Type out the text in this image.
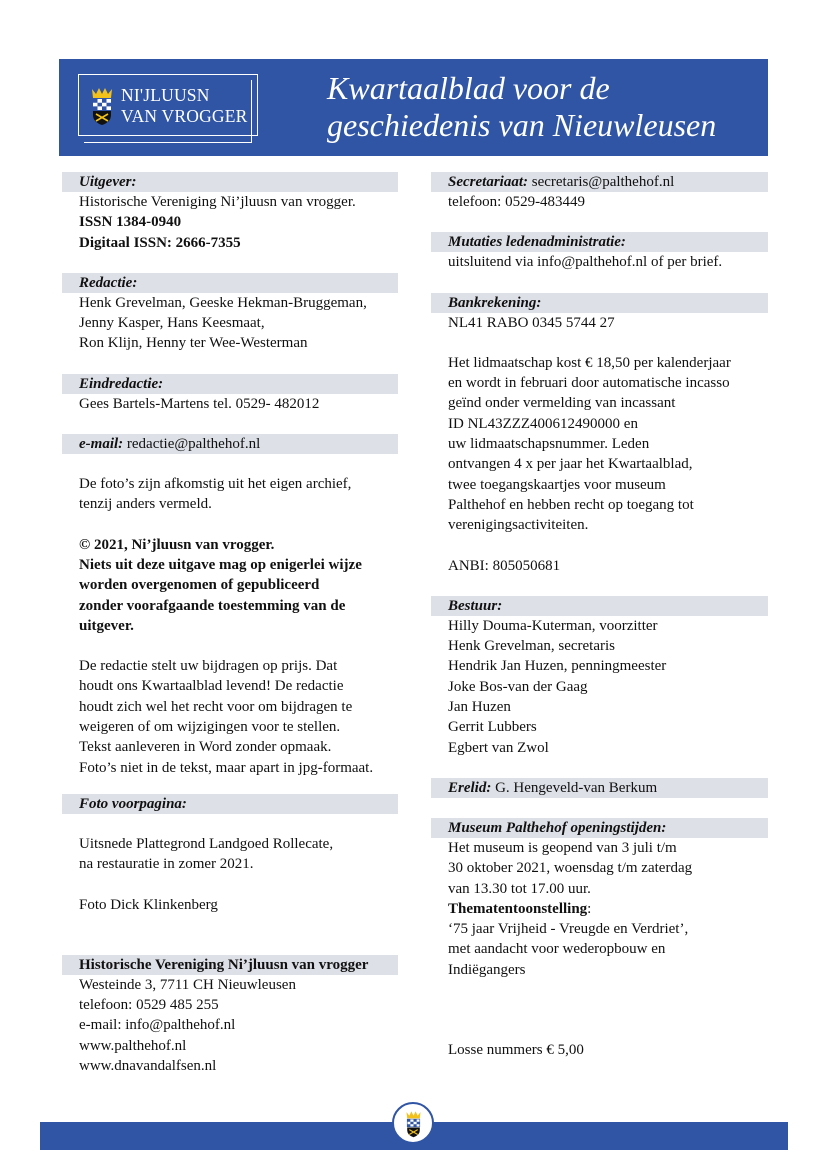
NI'JLUUSN
VAN VROGGER
Kwartaalblad voor de
geschiedenis van Nieuwleusen
Uitgever:
Historische Vereniging Ni’jluusn van vrogger.
ISSN 1384-0940
Digitaal ISSN: 2666-7355
Redactie:
Henk Grevelman, Geeske Hekman-Bruggeman,
Jenny Kasper, Hans Keesmaat,
Ron Klijn, Henny ter Wee-Westerman
Eindredactie:
Gees Bartels-Martens tel. 0529- 482012
e-mail: redactie@palthehof.nl
De foto’s zijn afkomstig uit het eigen archief,
tenzij anders vermeld.
© 2021, Ni’jluusn van vrogger.
Niets uit deze uitgave mag op enigerlei wijze
worden overgenomen of gepubliceerd
zonder voorafgaande toestemming van de
uitgever.
De redactie stelt uw bijdragen op prijs. Dat
houdt ons Kwartaalblad levend! De redactie
houdt zich wel het recht voor om bijdragen te
weigeren of om wijzigingen voor te stellen.
Tekst aanleveren in Word zonder opmaak.
Foto’s niet in de tekst, maar apart in jpg-formaat.
Foto voorpagina:
Uitsnede Plattegrond Landgoed Rollecate,
na restauratie in zomer 2021.
Foto Dick Klinkenberg
Historische Vereniging Ni’jluusn van vrogger
Westeinde 3, 7711 CH Nieuwleusen
telefoon: 0529 485 255
e-mail: info@palthehof.nl
www.palthehof.nl
www.dnavandalfsen.nl
Secretariaat: secretaris@palthehof.nl
telefoon: 0529-483449
Mutaties ledenadministratie:
uitsluitend via info@palthehof.nl of per brief.
Bankrekening:
NL41 RABO 0345 5744 27
Het lidmaatschap kost € 18,50 per kalenderjaar
en wordt in februari door automatische incasso
geïnd onder vermelding van incassant
ID NL43ZZZ400612490000 en
uw lidmaatschapsnummer. Leden
ontvangen 4 x per jaar het Kwartaalblad,
twee toegangskaartjes voor museum
Palthehof en hebben recht op toegang tot
verenigingsactiviteiten.
ANBI: 805050681
Bestuur:
Hilly Douma-Kuterman, voorzitter
Henk Grevelman, secretaris
Hendrik Jan Huzen, penningmeester
Joke Bos-van der Gaag
Jan Huzen
Gerrit Lubbers
Egbert van Zwol
Erelid: G. Hengeveld-van Berkum
Museum Palthehof openingstijden:
Het museum is geopend van 3 juli t/m
30 oktober 2021, woensdag t/m zaterdag
van 13.30 tot 17.00 uur.
Thematentoonstelling:
‘75 jaar Vrijheid - Vreugde en Verdriet’,
met aandacht voor wederopbouw en
Indiëgangers
Losse nummers € 5,00
